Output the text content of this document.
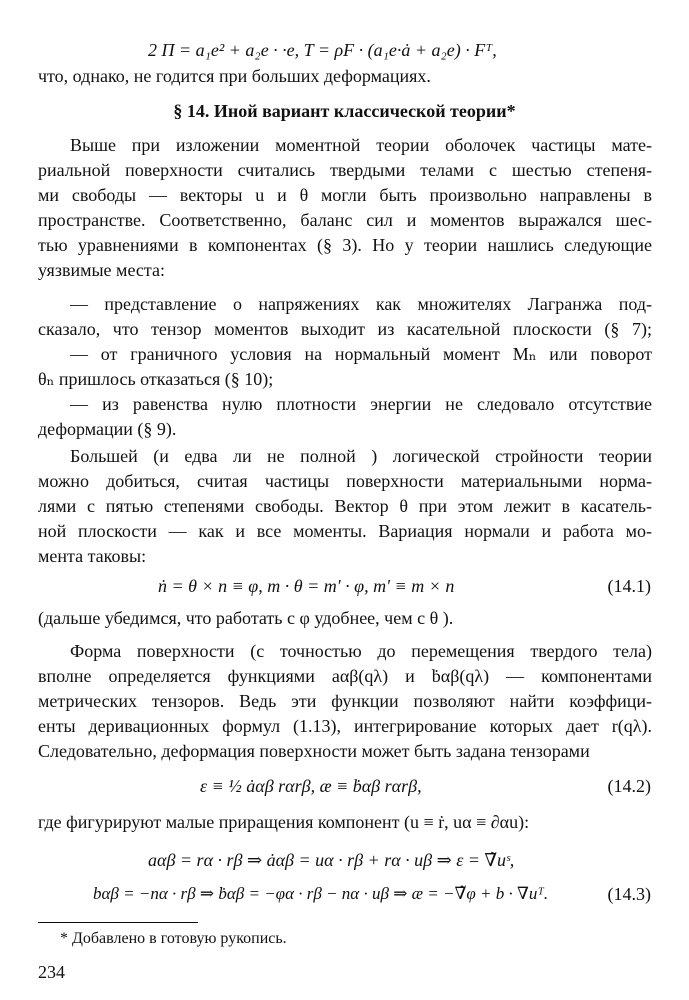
2 Π = a₁e² + a₂e · ·e, T = ρF · (a₁e·ȧ + a₂e) · Fᵀ,
что, однако, не годится при больших деформациях.
§ 14. Иной вариант классической теории*
Выше при изложении моментной теории оболочек частицы мате-
риальной поверхности считались твердыми телами с шестью степеня-
ми свободы — векторы u и θ могли быть произвольно направлены в
пространстве. Соответственно, баланс сил и моментов выражался шес-
тью уравнениями в компонентах (§ 3). Но у теории нашлись следующие
уязвимые места:
— представление о напряжениях как множителях Лагранжа под-
сказало, что тензор моментов выходит из касательной плоскости (§ 7);
— от граничного условия на нормальный момент Mₙ или поворот
θₙ пришлось отказаться (§ 10);
— из равенства нулю плотности энергии не следовало отсутствие
деформации (§ 9).
Большей (и едва ли не полной ) логической стройности теории
можно добиться, считая частицы поверхности материальными норма-
лями с пятью степенями свободы. Вектор θ при этом лежит в касатель-
ной плоскости — как и все моменты. Вариация нормали и работа мо-
мента таковы:
ṅ = θ × n ≡ φ, m · θ = m′ · φ, m′ ≡ m × n	(14.1)
(дальше убедимся, что работать с φ удобнее, чем с θ ).
Форма поверхности (с точностью до перемещения твердого тела)
вполне определяется функциями aαβ(qλ) и ḃαβ(qλ) — компонентами
метрических тензоров. Ведь эти функции позволяют найти коэффици-
енты деривационных формул (1.13), интегрирование которых дает r(qλ).
Следовательно, деформация поверхности может быть задана тензорами
ε ≡ ½ ȧαβ rαrβ, æ ≡ ḃαβ rαrβ,	(14.2)
где фигурируют малые приращения компонент (u ≡ ṙ, uα ≡ ∂αu):
aαβ = rα · rβ ⇒ ȧαβ = uα · rβ + rα · uβ ⇒ ε = ∇̃uˢ,
bαβ = −nα · rβ ⇒ ḃαβ = −φα · rβ − nα · uβ ⇒ æ = −∇̃φ + b · ∇uᵀ.	(14.3)
* Добавлено в готовую рукопись.
234
